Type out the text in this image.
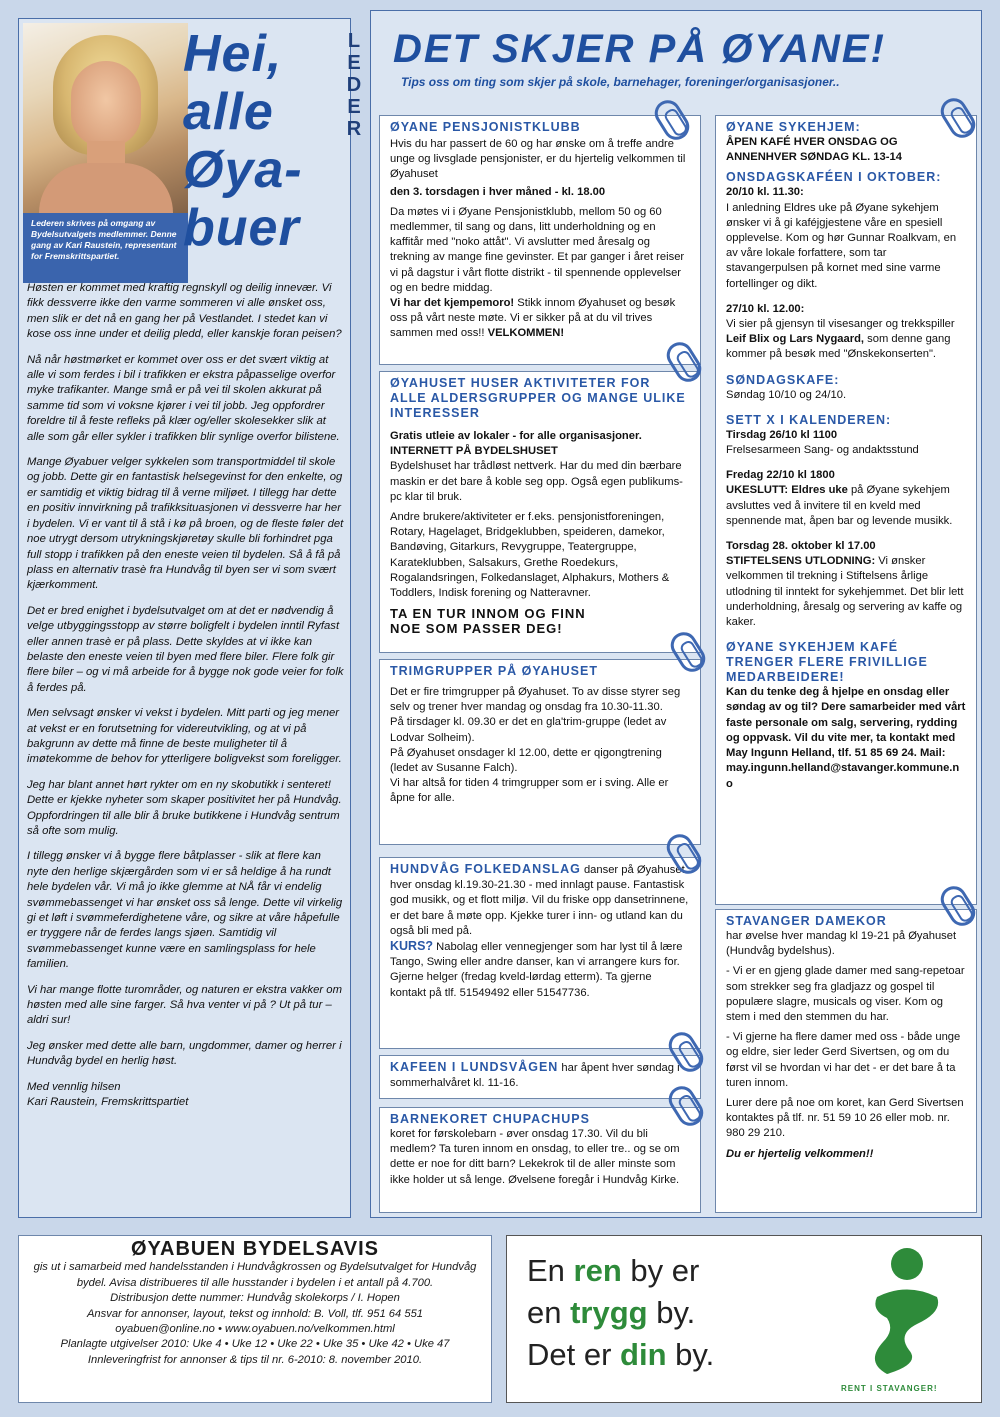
Lederen skrives på omgang av Bydelsutvalgets medlemmer. Denne gang av Kari Raustein, representant for Fremskrittspartiet.
Hei,
alle
Øya-
buer

Høsten er kommet med kraftig regnskyll og deilig innevær. Vi fikk dessverre ikke den varme sommeren vi alle ønsket oss, men slik er det nå en gang her på Vestlandet. I stedet kan vi kose oss inne under et deilig pledd, eller kanskje foran peisen?

Nå når høstmørket er kommet over oss er det svært viktig at alle vi som ferdes i bil i trafikken er ekstra påpasselige overfor myke trafikanter. Mange små er på vei til skolen akkurat på samme tid som vi voksne kjører i vei til jobb. Jeg oppfordrer foreldre til å feste refleks på klær og/eller skolesekker slik at alle som går eller sykler i trafikken blir synlige overfor bilistene.

Mange Øyabuer velger sykkelen som transportmiddel til skole og jobb. Dette gir en fantastisk helsegevinst for den enkelte, og er samtidig et viktig bidrag til å verne miljøet. I tillegg har dette en positiv innvirkning på trafikksituasjonen vi dessverre har her i bydelen. Vi er vant til å stå i kø på broen, og de fleste føler det noe utrygt dersom utrykningskjøretøy skulle bli forhindret pga full stopp i trafikken på den eneste veien til bydelen. Så å få på plass en alternativ trasè fra Hundvåg til byen ser vi som svært kjærkomment.

Det er bred enighet i bydelsutvalget om at det er nødvendig å velge utbyggingsstopp av større boligfelt i bydelen inntil Ryfast eller annen trasè er på plass. Dette skyldes at vi ikke kan belaste den eneste veien til byen med flere biler. Flere folk gir flere biler – og vi må arbeide for å bygge nok gode veier for folk å ferdes på.

Men selvsagt ønsker vi vekst i bydelen. Mitt parti og jeg mener at vekst er en forutsetning for videreutvikling, og at vi på bakgrunn av dette må finne de beste muligheter til å imøtekomme de behov for ytterligere boligvekst som foreligger.

Jeg har blant annet hørt rykter om en ny skobutikk i senteret! Dette er kjekke nyheter som skaper positivitet her på Hundvåg. Oppfordringen til alle blir å bruke butikkene i Hundvåg sentrum så ofte som mulig.

I tillegg ønsker vi å bygge flere båtplasser - slik at flere kan nyte den herlige skjærgården som vi er så heldige å ha rundt hele bydelen vår. Vi må jo ikke glemme at NÅ får vi endelig svømmebassenget vi har ønsket oss så lenge. Dette vil virkelig gi et løft i svømmeferdighetene våre, og sikre at våre håpefulle er tryggere når de ferdes langs sjøen. Samtidig vil svømmebassenget kunne være en samlingsplass for hele familien.

Vi har mange flotte turområder, og naturen er ekstra vakker om høsten med alle sine farger. Så hva venter vi på ? Ut på tur – aldri sur!

Jeg ønsker med dette alle barn, ungdommer, damer og herrer i Hundvåg bydel en herlig høst.

Med vennlig hilsen
Kari Raustein, Fremskrittspartiet

L
E
D
E
R
DET SKJER PÅ ØYANE!
Tips oss om ting som skjer på skole, barnehager, foreninger/organisasjoner..
ØYANE PENSJONISTKLUBB

Hvis du har passert de 60 og har ønske om å treffe andre unge og livsglade pensjonister, er du hjertelig velkommen til Øyahuset

den 3. torsdagen i hver måned - kl. 18.00

Da møtes vi i Øyane Pensjonistklubb, mellom 50 og 60 medlemmer, til sang og dans, litt underholdning og en kaffitår med "noko attåt". Vi avslutter med åresalg og trekning av mange fine gevinster. Et par ganger i året reiser vi på dagstur i vårt flotte distrikt - til spennende opplevelser og en bedre middag.

Vi har det kjempemoro! Stikk innom Øyahuset og besøk oss på vårt neste møte. Vi er sikker på at du vil trives sammen med oss!! VELKOMMEN!

ØYAHUSET HUSER AKTIVITETER FOR ALLE ALDERSGRUPPER OG MANGE ULIKE INTERESSER

Gratis utleie av lokaler - for alle organisasjoner.

INTERNETT PÅ BYDELSHUSET

Bydelshuset har trådløst nettverk. Har du med din bærbare maskin er det bare å koble seg opp. Også egen publikums-pc klar til bruk.

Andre brukere/aktiviteter er f.eks. pensjonistforeningen, Rotary, Hagelaget, Bridgeklubben, speideren, damekor, Bandøving, Gitarkurs, Revygruppe, Teatergruppe, Karateklubben, Salsakurs, Grethe Roedekurs, Rogalandsringen, Folkedanslaget, Alphakurs, Mothers & Toddlers, Indisk forening og Natteravner.

TA EN TUR INNOM OG FINN NOE SOM PASSER DEG!

TRIMGRUPPER PÅ ØYAHUSET

Det er fire trimgrupper på Øyahuset. To av disse styrer seg selv og trener hver mandag og onsdag fra 10.30-11.30.
På tirsdager kl. 09.30 er det en gla'trim-gruppe (ledet av Lodvar Solheim).
På Øyahuset onsdager kl 12.00, dette er qigongtrening (ledet av Susanne Falch).
Vi har altså for tiden 4 trimgrupper som er i sving. Alle er åpne for alle.

HUNDVÅG FOLKEDANSLAG danser på Øyahuset hver onsdag kl.19.30-21.30 - med innlagt pause. Fantastisk god musikk, og et flott miljø. Vil du friske opp dansetrinnene, er det bare å møte opp. Kjekke turer i inn- og utland kan du også bli med på.

KURS? Nabolag eller vennegjenger som har lyst til å lære Tango, Swing eller andre danser, kan vi arrangere kurs for. Gjerne helger (fredag kveld-lørdag etterm). Ta gjerne kontakt på tlf. 51549492 eller 51547736.

KAFEEN I LUNDSVÅGEN har åpent hver søndag i sommerhalvåret kl. 11-16.

BARNEKORET CHUPACHUPS

koret for førskolebarn - øver onsdag 17.30. Vil du bli medlem? Ta turen innom en onsdag, to eller tre.. og se om dette er noe for ditt barn? Lekekrok til de aller minste som ikke holder ut så lenge. Øvelsene foregår i Hundvåg Kirke.

ØYANE SYKEHJEM:

ÅPEN KAFÉ HVER ONSDAG OG ANNENHVER SØNDAG KL. 13-14

ONSDAGSKAFÉEN I OKTOBER:

20/10 kl. 11.30:

I anledning Eldres uke på Øyane sykehjem ønsker vi å gi kaféjgjestene våre en spesiell opplevelse. Kom og hør Gunnar Roalkvam, en av våre lokale forfattere, som tar stavangerpulsen på kornet med sine varme fortellinger og dikt.

27/10 kl. 12.00:

Vi sier på gjensyn til visesanger og trekkspiller Leif Blix og Lars Nygaard, som denne gang kommer på besøk med "Ønskekonserten".

SØNDAGSKAFE:

Søndag 10/10 og 24/10.

SETT X I KALENDEREN:

Tirsdag 26/10 kl 1100

Frelsesarmeen Sang- og andaktsstund

Fredag 22/10 kl 1800

UKESLUTT: Eldres uke på Øyane sykehjem avsluttes ved å invitere til en kveld med spennende mat, åpen bar og levende musikk.

Torsdag 28. oktober kl 17.00

STIFTELSENS UTLODNING: Vi ønsker velkommen til trekning i Stiftelsens årlige utlodning til inntekt for sykehjemmet. Det blir lett underholdning, åresalg og servering av kaffe og kaker.

ØYANE SYKEHJEM KAFÉ TRENGER FLERE FRIVILLIGE MEDARBEIDERE!

Kan du tenke deg å hjelpe en onsdag eller søndag av og til? Dere samarbeider med vårt faste personale om salg, servering, rydding og oppvask. Vil du vite mer, ta kontakt med May Ingunn Helland, tlf. 51 85 69 24. Mail: may.ingunn.helland@stavanger.kommune.no

STAVANGER DAMEKOR

har øvelse hver mandag kl 19-21 på Øyahuset (Hundvåg bydelshus).

- Vi er en gjeng glade damer med sang-repetoar som strekker seg fra gladjazz og gospel til populære slagre, musicals og viser. Kom og stem i med den stemmen du har.

- Vi gjerne ha flere damer med oss - både unge og eldre, sier leder Gerd Sivertsen, og om du først vil se hvordan vi har det - er det bare å ta turen innom.

Lurer dere på noe om koret, kan Gerd Sivertsen kontaktes på tlf. nr. 51 59 10 26 eller mob. nr. 980 29 210.

Du er hjertelig velkommen!!

ØYABUEN BYDELSAVIS
gis ut i samarbeid med handelsstanden i Hundvågkrossen og Bydelsutvalget for Hundvåg bydel. Avisa distribueres til alle husstander i bydelen i et antall på 4.700.
Distribusjon dette nummer: Hundvåg skolekorps / I. Hopen
Ansvar for annonser, layout, tekst og innhold: B. Voll, tlf. 951 64 551
oyabuen@online.no • www.oyabuen.no/velkommen.html
Planlagte utgivelser 2010: Uke 4 • Uke 12 • Uke 22 • Uke 35 • Uke 42 • Uke 47
Innleveringfrist for annonser & tips til nr. 6-2010: 8. november 2010.
En ren by er
en trygg by.
Det er din by.
RENT I STAVANGER!
